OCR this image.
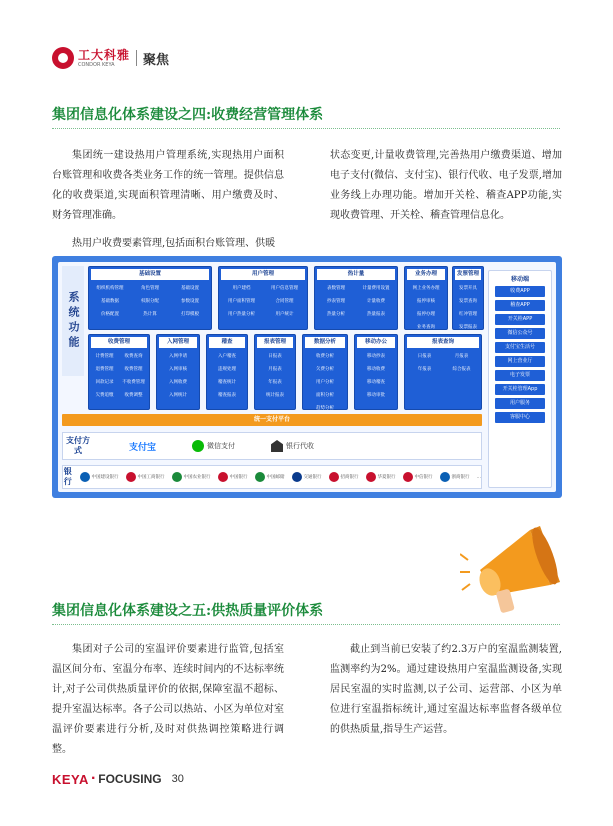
工大科雅
CONDOR KEYA	聚焦
集团信息化体系建设之四:收费经营管理体系

集团统一建设热用户管理系统,实现热用户面积台账管理和收费各类业务工作的统一管理。提供信息化的收费渠道,实现面积管理清晰、用户缴费及时、财务管理准确。

热用户收费要素管理,包括面积台账管理、供暖

状态变更,计量收费管理,完善热用户缴费渠道、增加电子支付(微信、支付宝)、银行代收、电子发票,增加业务线上办理功能。增加开关栓、稽查APP功能,实现收费管理、开关栓、稽查管理信息化。

系统功能
基础设置
组织机构管理	角色管理	基础设置
基础数据	权限分配	参数设置
价格配置	热计算	打印模板
用户管理
用户建档	用户信息管理
用户面积管理	合同管理
用户热量分析	用户统计
热计量
表数管理	计量费用设置
抄表管理	计量收费
热量分析	热量报表
业务办理
网上业务办理
报停审核
报停办理
业务查询
发票管理
发票开具
发票查询
红冲管理
发票报表
收费管理
计费管理	收费查询
退费管理	收费管理
回款记录	不收费管理
欠费追缴	收费调整
入网管理
入网申请
入网审核
入网收费
入网统计
稽查
入户稽查
违规处理
稽查统计
稽查报表
报表管理
日报表
月报表
年报表
统计报表
数据分析
收费分析
欠费分析
用户分析
面积分析
趋势分析
移动办公
移动抄表
移动收费
移动稽查
移动审批
报表查询
日报表	月报表
年报表	综合报表
移动端
收费APP
稽查APP
开关栓APP
微信公众号
支付宝生活号
网上营业厅
电子发票
开关栓管理App
用户服务
客服中心
统一支付平台
支付方式	支付宝	微信支付	银行代收
银行	中国建设银行	中国工商银行	中国农业银行	中国银行	中国邮储	交通银行	招商银行	华夏银行	中信银行	浙商银行 …
集团信息化体系建设之五:供热质量评价体系

集团对子公司的室温评价要素进行监管,包括室温区间分布、室温分布率、连续时间内的不达标率统计,对子公司供热质量评价的依据,保障室温不超标、提升室温达标率。各子公司以热站、小区为单位对室温评价要素进行分析,及时对供热调控策略进行调整。

截止到当前已安装了约2.3万户的室温监测装置,监测率约为2%。通过建设热用户室温监测设备,实现居民室温的实时监测,以子公司、运营部、小区为单位进行室温指标统计,通过室温达标率监督各级单位的供热质量,指导生产运营。

KEYA · FOCUSING 30
